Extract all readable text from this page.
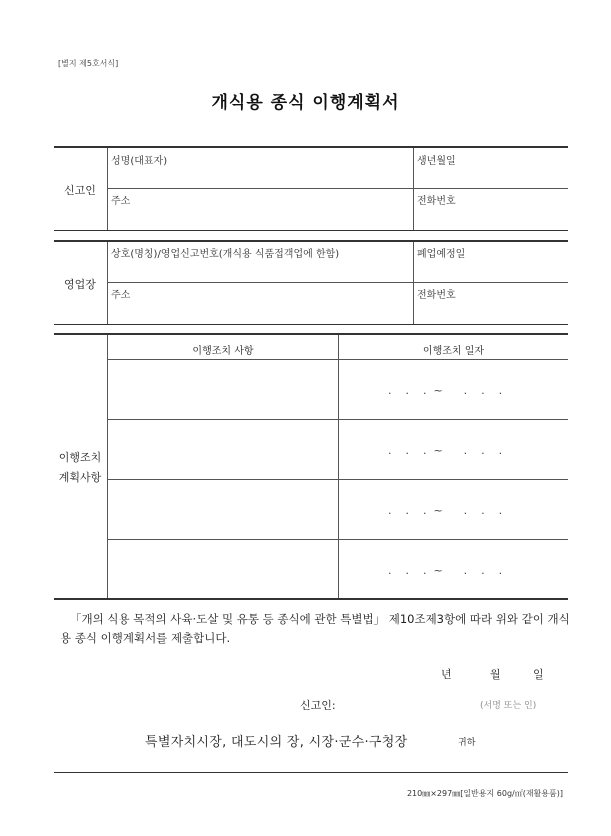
[별지 제5호서식]
개식용 종식 이행계획서
신고인
성명(대표자)	생년월일
주소	전화번호
영업장
상호(명칭)/영업신고번호(개식용 식품접객업에 한함)	폐업예정일
주소	전화번호
이행조치
계획사항
이행조치 사항	이행조치 일자
.    .    .  ~      .    .    .
.    .    .  ~      .    .    .
.    .    .  ~      .    .    .
.    .    .  ~      .    .    .
「개의 식용 목적의 사육·도살 및 유통 등 종식에 관한 특별법」 제10조제3항에 따라 위와 같이 개식용 종식 이행계획서를 제출합니다.
년	월	일
신고인:	(서명 또는 인)
특별자치시장, 대도시의 장, 시장·군수·구청장	귀하
210㎜×297㎜[일반용지 60g/㎡(재활용품)]
